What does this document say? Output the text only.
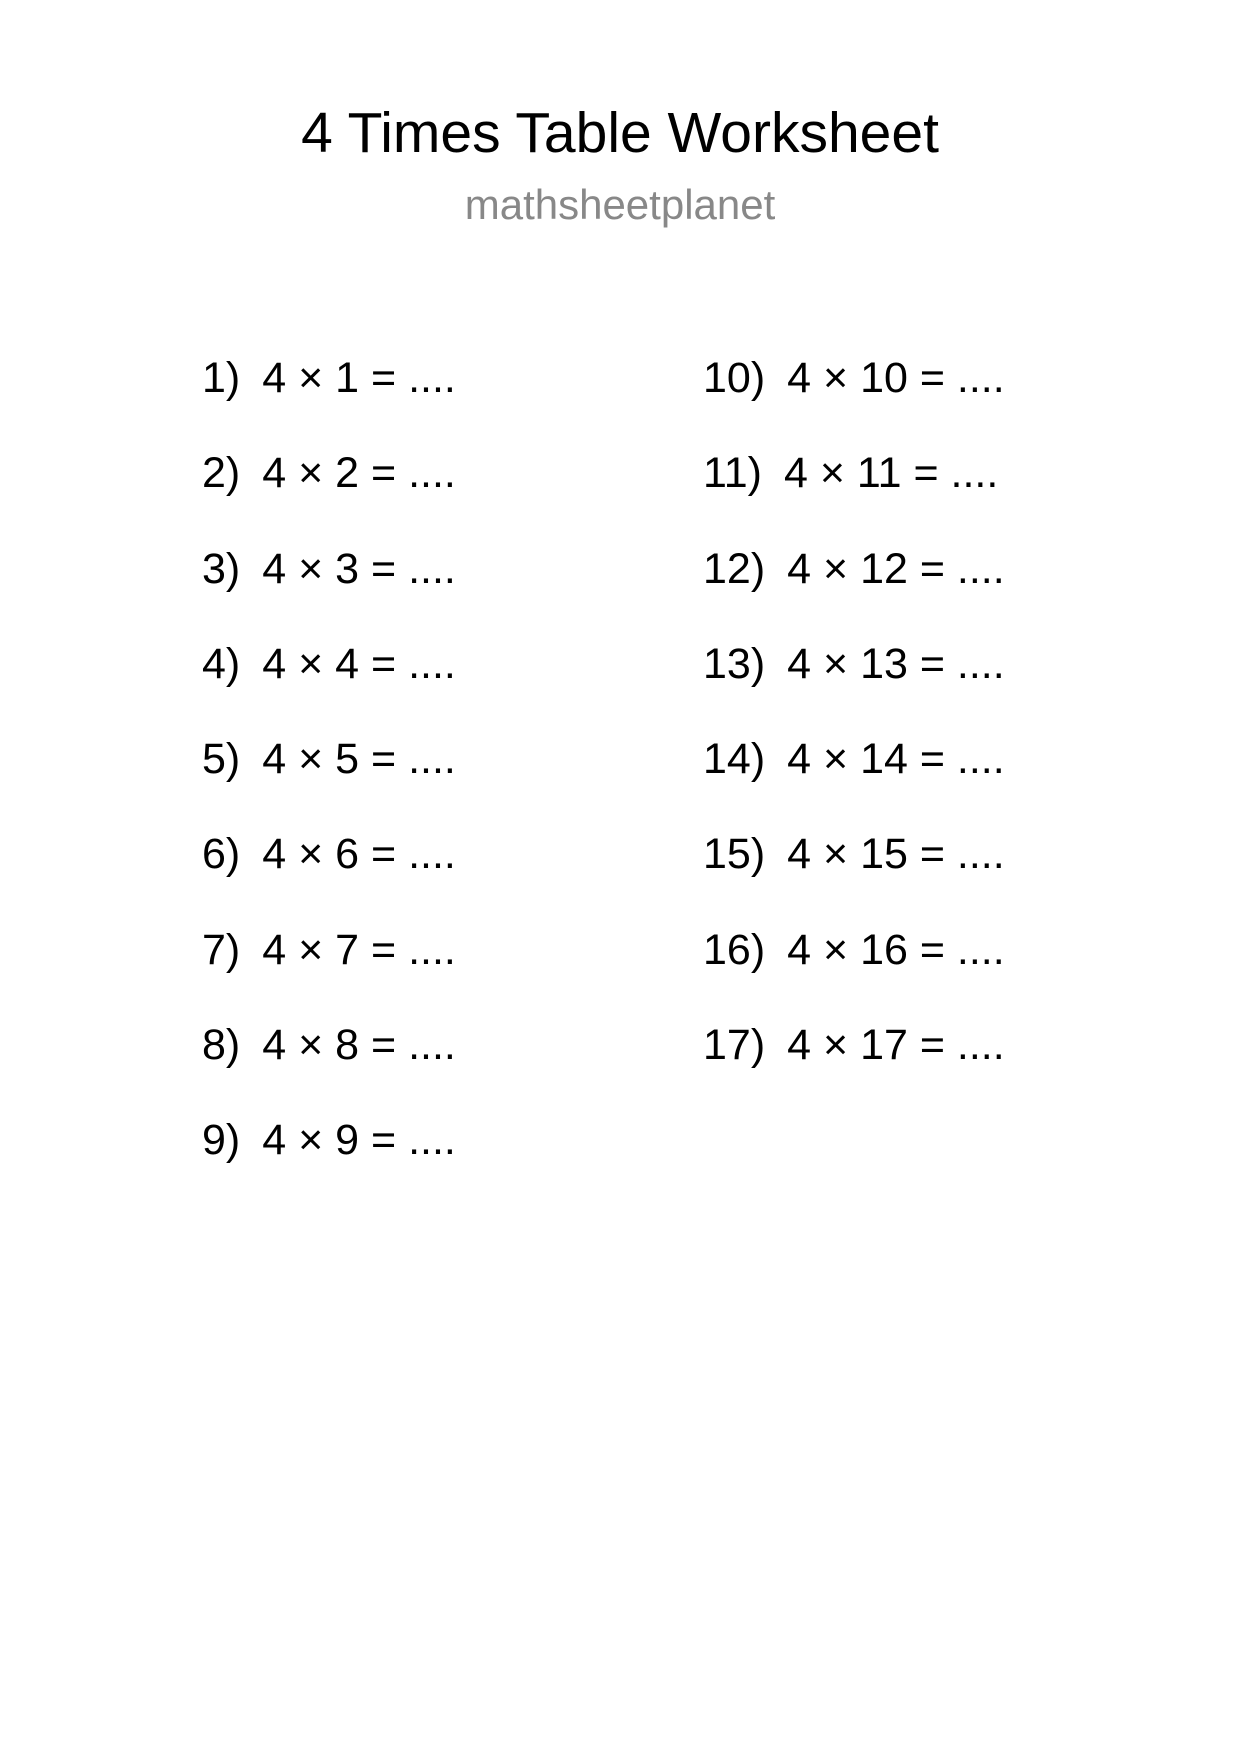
4 Times Table Worksheet
mathsheetplanet
1) 4 × 1 = ....
2) 4 × 2 = ....
3) 4 × 3 = ....
4) 4 × 4 = ....
5) 4 × 5 = ....
6) 4 × 6 = ....
7) 4 × 7 = ....
8) 4 × 8 = ....
9) 4 × 9 = ....
10) 4 × 10 = ....
11) 4 × 11 = ....
12) 4 × 12 = ....
13) 4 × 13 = ....
14) 4 × 14 = ....
15) 4 × 15 = ....
16) 4 × 16 = ....
17) 4 × 17 = ....
